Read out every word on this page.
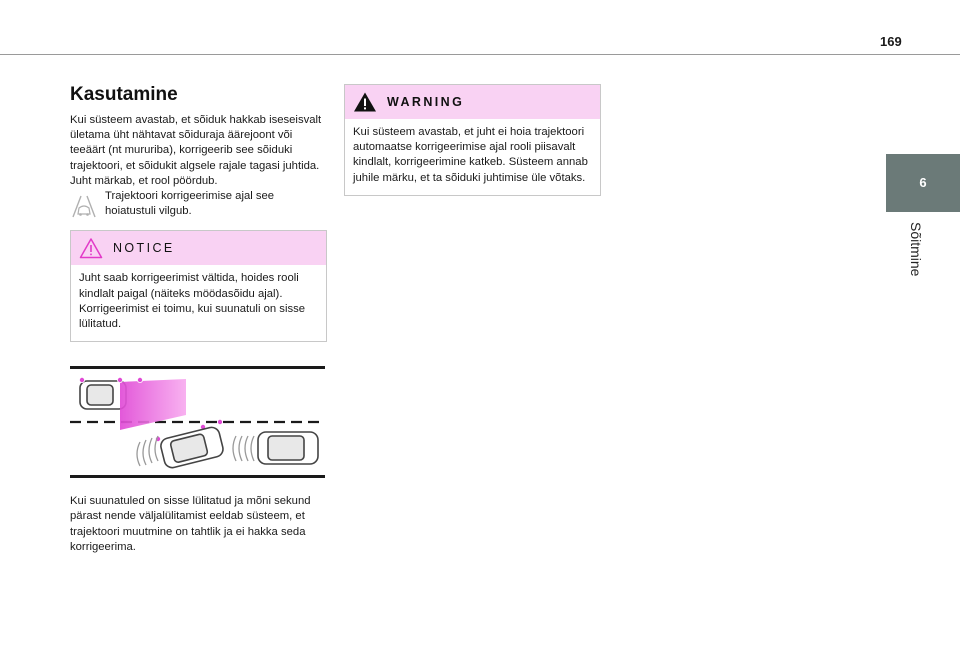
169
6
Sõitmine
Kasutamine

Kui süsteem avastab, et sõiduk hakkab iseseisvalt ületama üht nähtavat sõiduraja äärejoont või teeäärt (nt mururiba), korrigeerib see sõiduki trajektoori, et sõidukit algsele rajale tagasi juhtida.

Juht märkab, et rool pöördub.

Trajektoori korrigeerimise ajal see hoiatustuli vilgub.

NOTICE
Juht saab korrigeerimist vältida, hoides rooli kindlalt paigal (näiteks möödasõidu ajal). Korrigeerimist ei toimu, kui suunatuli on sisse lülitatud.

Kui suunatuled on sisse lülitatud ja mõni sekund pärast nende väljalülitamist eeldab süsteem, et trajektoori muutmine on tahtlik ja ei hakka seda korrigeerima.

WARNING
Kui süsteem avastab, et juht ei hoia trajektoori automaatse korrigeerimise ajal rooli piisavalt kindlalt, korrigeerimine katkeb. Süsteem annab juhile märku, et ta sõiduki juhtimise üle võtaks.
